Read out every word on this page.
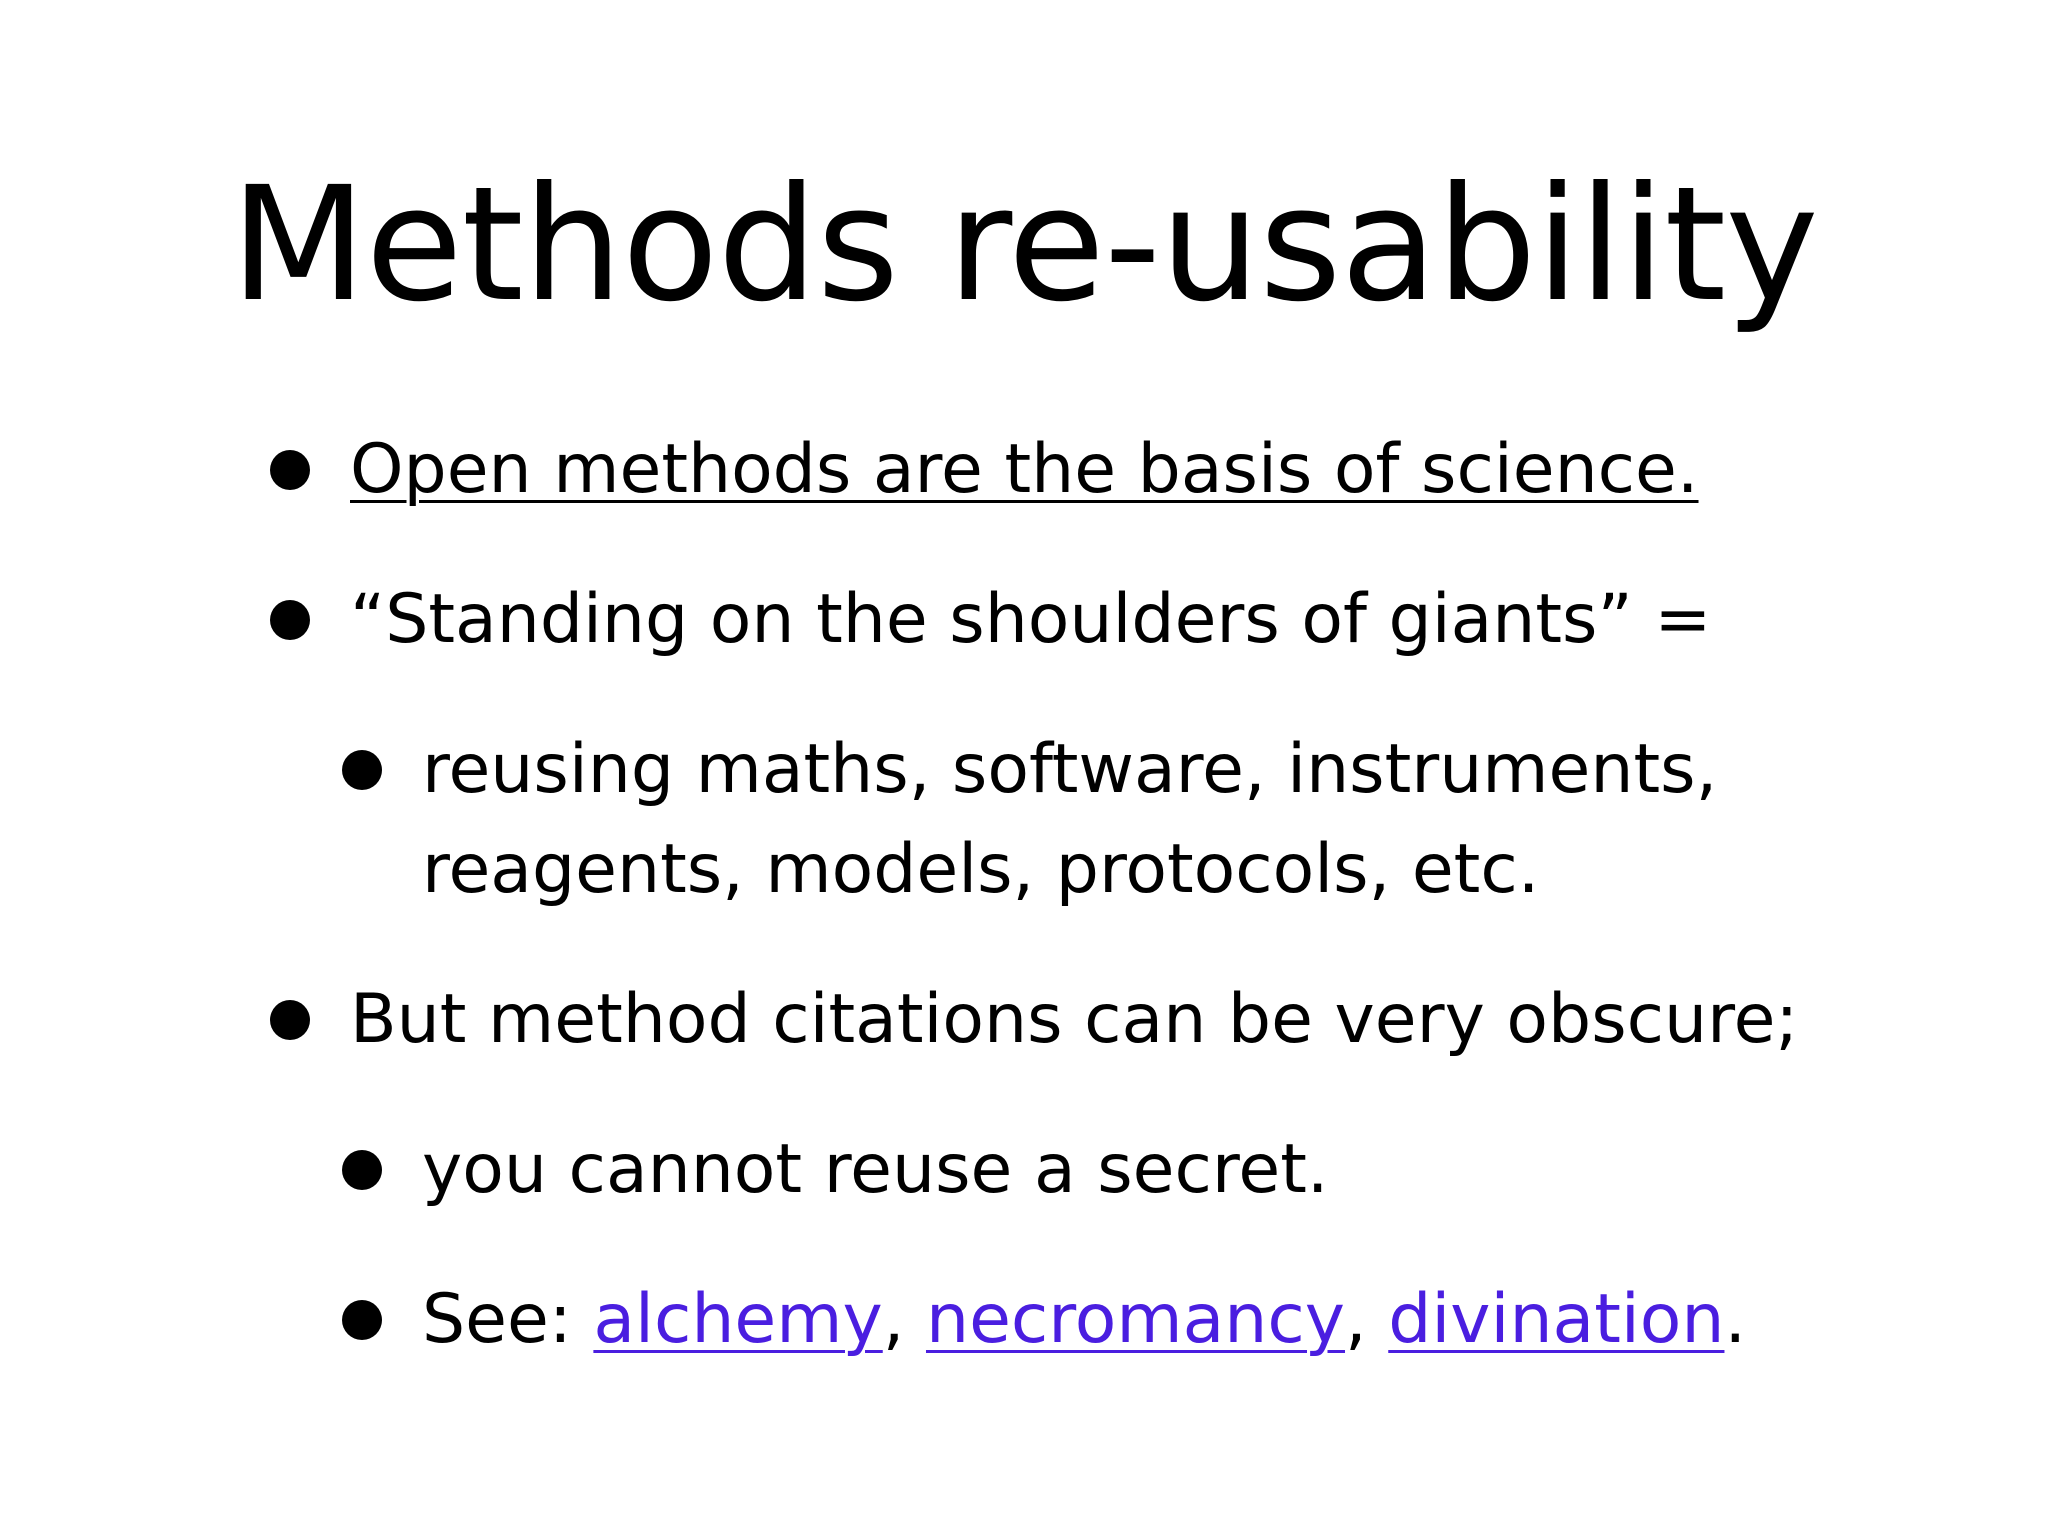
Methods re-usability
Open methods are the basis of science.
“Standing on the shoulders of giants” =
reusing maths, software, instruments,
reagents, models, protocols, etc.
But method citations can be very obscure;
you cannot reuse a secret.
See: alchemy, necromancy, divination.
